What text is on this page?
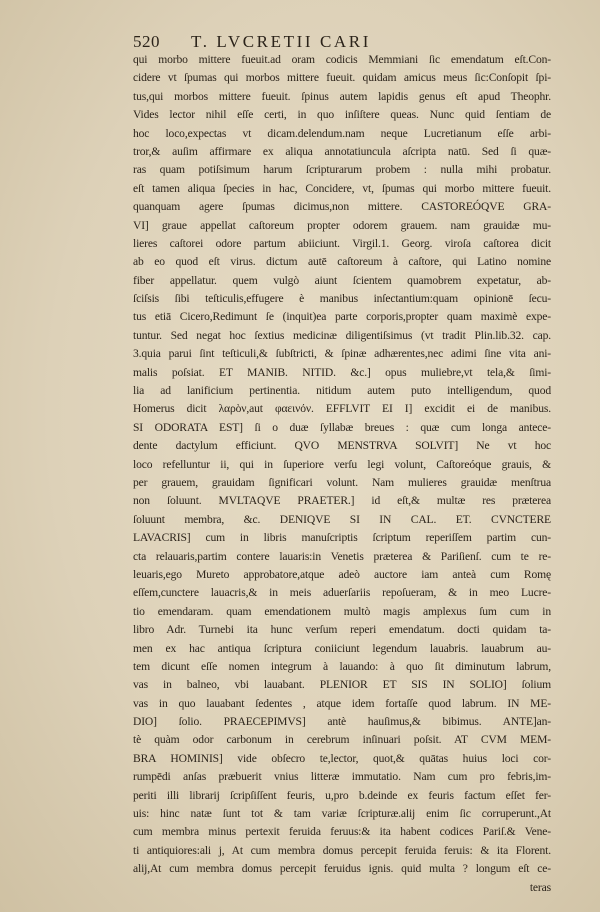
520 T. LVCRETII CARI
qui morbo mittere fueuit.ad oram codicis Memmiani ſic emendatum eſt.Con-
cidere vt ſpumas qui morbos mittere fueuit. quidam amicus meus ſic:Conſopit ſpi-
tus,qui morbos mittere fueuit. ſpinus autem lapidis genus eſt apud Theophr.
Vides lector nihil eſſe certi, in quo inſiſtere queas. Nunc quid ſentiam de
hoc loco,expectas vt dicam.delendum.nam neque Lucretianum eſſe arbi-
tror,& auſim affirmare ex aliqua annotatiuncula aſcripta natū. Sed ſi quæ-
ras quam potiſsimum harum ſcripturarum probem : nulla mihi probatur.
eſt tamen aliqua ſpecies in hac, Concidere, vt, ſpumas qui morbo mittere fueuit.
quanquam agere ſpumas dicimus,non mittere. CASTOREÓQVE GRA-
VI] graue appellat caſtoreum propter odorem grauem. nam grauidæ mu-
lieres caſtorei odore partum abiiciunt. Virgil.1. Georg. viroſa caſtorea dicit
ab eo quod eſt virus. dictum autē caſtoreum à caſtore, qui Latino nomine
fiber appellatur. quem vulgò aiunt ſcientem quamobrem expetatur, ab-
ſciſsis ſibi teſticulis,effugere è manibus inſectantium:quam opinionē ſecu-
tus etiā Cicero,Redimunt ſe (inquit)ea parte corporis,propter quam maximè expe-
tuntur. Sed negat hoc ſextius medicinæ diligentiſsimus (vt tradit Plin.lib.32. cap.
3.quia parui ſint teſticuli,& ſubſtricti, & ſpinæ adhærentes,nec adimi ſine vita ani-
malis poſsiat. ET MANIB. NITID. &c.] opus muliebre,vt tela,& ſimi-
lia ad lanificium pertinentia. nitidum autem puto intelligendum, quod
Homerus dicit λαρὸν,aut φαεινόν. EFFLVIT EI I] excidit ei de manibus.
SI ODORATA EST] ſi o duæ ſyllabæ breues : quæ cum longa antece-
dente dactylum efficiunt. QVO MENSTRVA SOLVIT] Ne vt hoc
loco refelluntur ii, qui in ſuperiore verſu legi volunt, Caſtoreóque grauis, &
per grauem, grauidam ſignificari volunt. Nam mulieres grauidæ menſtrua
non ſoluunt. MVLTAQVE PRAETER.] id eſt,& multæ res præterea
ſoluunt membra, &c. DENIQVE SI IN CAL. ET. CVNCTERE
LAVACRIS] cum in libris manuſcriptis ſcriptum reperiſſem partim cun-
cta relauaris,partim contere lauaris:in Venetis præterea & Pariſienſ. cum te re-
leuaris,ego Mureto approbatore,atque adeò auctore iam anteà cum Romę
eſſem,cunctere lauacris,& in meis aduerſariis repoſueram, & in meo Lucre-
tio emendaram. quam emendationem multò magis amplexus ſum cum in
libro Adr. Turnebi ita hunc verſum reperi emendatum. docti quidam ta-
men ex hac antiqua ſcriptura coniiciunt legendum lauabris. lauabrum au-
tem dicunt eſſe nomen integrum à lauando: à quo ſit diminutum labrum,
vas in balneo, vbi lauabant. PLENIOR ET SIS IN SOLIO] ſolium
vas in quo lauabant ſedentes , atque idem fortaſſe quod labrum. IN ME-
DIO] ſolio. PRAECEPIMVS] antè hauſimus,& bibimus. ANTE]an-
tè quàm odor carbonum in cerebrum inſinuari poſsit. AT CVM MEM-
BRA HOMINIS] vide obſecro te,lector, quot,& quātas huius loci cor-
rumpēdi anſas præbuerit vnius litteræ immutatio. Nam cum pro febris,im-
periti illi librarij ſcripſiſſent feuris, u,pro b.deinde ex feuris factum eſſet fer-
uis: hinc natæ ſunt tot & tam variæ ſcripturæ.alij enim ſic corruperunt.,At
cum membra minus pertexit feruida feruus:& ita habent codices Pariſ.& Vene-
ti antiquiores:ali j, At cum membra domus percepit feruida feruis: & ita Florent.
alij,At cum membra domus percepit feruidus ignis. quid multa ? longum eſt ce-
teras
